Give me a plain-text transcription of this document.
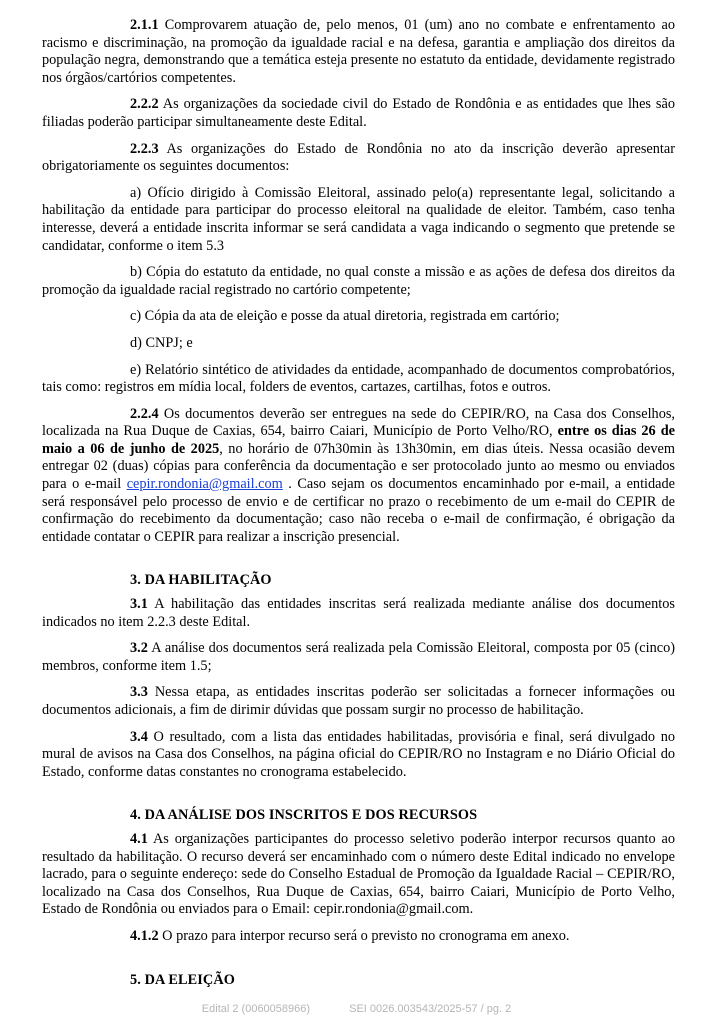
2.1.1 Comprovarem atuação de, pelo menos, 01 (um) ano no combate e enfrentamento ao racismo e discriminação, na promoção da igualdade racial e na defesa, garantia e ampliação dos direitos da população negra, demonstrando que a temática esteja presente no estatuto da entidade, devidamente registrado nos órgãos/cartórios competentes.

2.2.2 As organizações da sociedade civil do Estado de Rondônia e as entidades que lhes são filiadas poderão participar simultaneamente deste Edital.

2.2.3 As organizações do Estado de Rondônia no ato da inscrição deverão apresentar obrigatoriamente os seguintes documentos:

a) Ofício dirigido à Comissão Eleitoral, assinado pelo(a) representante legal, solicitando a habilitação da entidade para participar do processo eleitoral na qualidade de eleitor. Também, caso tenha interesse, deverá a entidade inscrita informar se será candidata a vaga indicando o segmento que pretende se candidatar, conforme o item 5.3

b) Cópia do estatuto da entidade, no qual conste a missão e as ações de defesa dos direitos da promoção da igualdade racial registrado no cartório competente;

c) Cópia da ata de eleição e posse da atual diretoria, registrada em cartório;

d) CNPJ; e

e) Relatório sintético de atividades da entidade, acompanhado de documentos comprobatórios, tais como: registros em mídia local, folders de eventos, cartazes, cartilhas, fotos e outros.

2.2.4 Os documentos deverão ser entregues na sede do CEPIR/RO, na Casa dos Conselhos, localizada na Rua Duque de Caxias, 654, bairro Caiari, Município de Porto Velho/RO, entre os dias 26 de maio a 06 de junho de 2025, no horário de 07h30min às 13h30min, em dias úteis. Nessa ocasião devem entregar 02 (duas) cópias para conferência da documentação e ser protocolado junto ao mesmo ou enviados para o e-mail cepir.rondonia@gmail.com . Caso sejam os documentos encaminhado por e-mail, a entidade será responsável pelo processo de envio e de certificar no prazo o recebimento de um e-mail do CEPIR de confirmação do recebimento da documentação; caso não receba o e-mail de confirmação, é obrigação da entidade contatar o CEPIR para realizar a inscrição presencial.

3. DA HABILITAÇÃO

3.1 A habilitação das entidades inscritas será realizada mediante análise dos documentos indicados no item 2.2.3 deste Edital.

3.2 A análise dos documentos será realizada pela Comissão Eleitoral, composta por 05 (cinco) membros, conforme item 1.5;

3.3 Nessa etapa, as entidades inscritas poderão ser solicitadas a fornecer informações ou documentos adicionais, a fim de dirimir dúvidas que possam surgir no processo de habilitação.

3.4 O resultado, com a lista das entidades habilitadas, provisória e final, será divulgado no mural de avisos na Casa dos Conselhos, na página oficial do CEPIR/RO no Instagram e no Diário Oficial do Estado, conforme datas constantes no cronograma estabelecido.

4. DA ANÁLISE DOS INSCRITOS E DOS RECURSOS

4.1 As organizações participantes do processo seletivo poderão interpor recursos quanto ao resultado da habilitação. O recurso deverá ser encaminhado com o número deste Edital indicado no envelope lacrado, para o seguinte endereço: sede do Conselho Estadual de Promoção da Igualdade Racial – CEPIR/RO, localizado na Casa dos Conselhos, Rua Duque de Caxias, 654, bairro Caiari, Município de Porto Velho, Estado de Rondônia ou enviados para o Email: cepir.rondonia@gmail.com.

4.1.2 O prazo para interpor recurso será o previsto no cronograma em anexo.

5. DA ELEIÇÃO

Edital 2 (0060058966)	SEI 0026.003543/2025-57 / pg. 2
